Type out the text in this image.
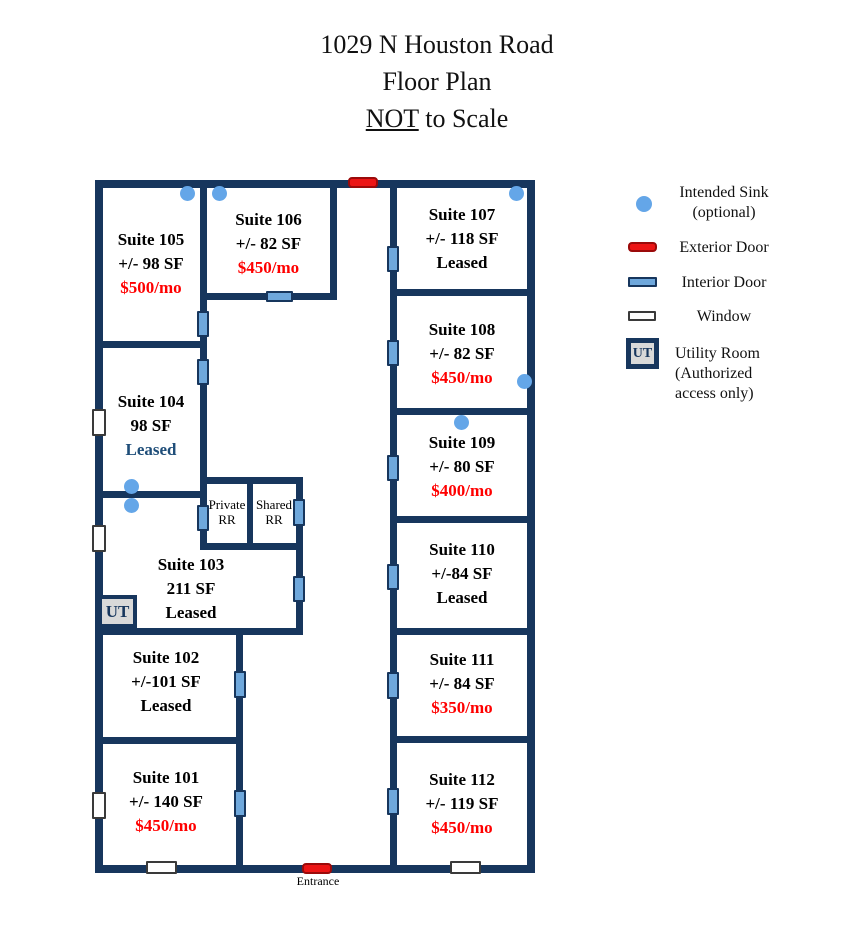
1029 N Houston Road
Floor Plan
NOT to Scale
Entrance
Suite 105
+/- 98 SF
$500/mo
Suite 106
+/- 82 SF
$450/mo
Suite 107
+/- 118 SF
Leased
Suite 108
+/- 82 SF
$450/mo
Suite 109
+/- 80 SF
$400/mo
Suite 110
+/-84 SF
Leased
Suite 111
+/- 84 SF
$350/mo
Suite 112
+/- 119 SF
$450/mo
Suite 104
98 SF
Leased
Suite 103
211 SF
Leased
Suite 102
+/-101 SF
Leased
Suite 101
+/- 140 SF
$450/mo
Private
RR
Shared
RR
UT
Intended Sink
(optional)
Exterior Door
Interior Door
Window
UT	Utility Room
(Authorized
access only)
